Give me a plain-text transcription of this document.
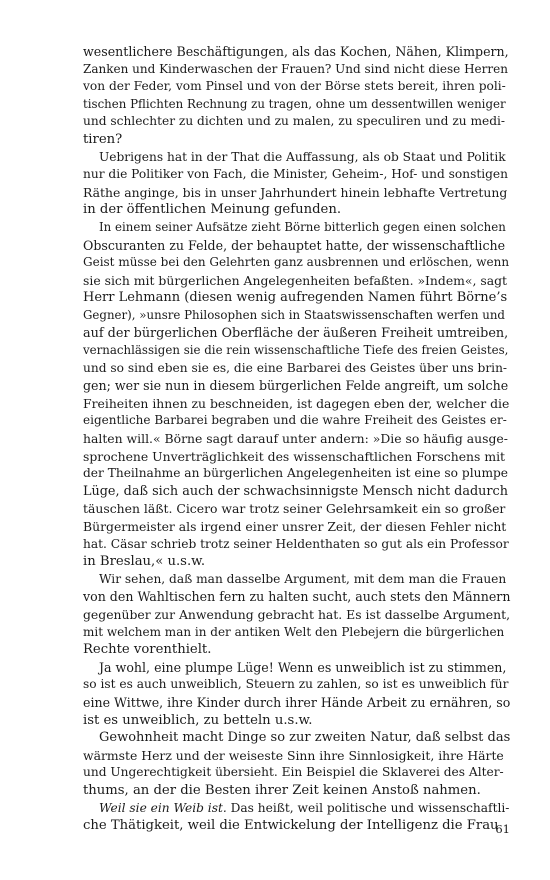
wesentlichere Beschäftigungen, als das Kochen, Nähen, Klimpern,
Zanken und Kinderwaschen der Frauen? Und sind nicht diese Herren
von der Feder, vom Pinsel und von der Börse stets bereit, ihren poli-
tischen Pflichten Rechnung zu tragen, ohne um dessentwillen weniger
und schlechter zu dichten und zu malen, zu speculiren und zu medi-
tiren?
Uebrigens hat in der That die Auffassung, als ob Staat und Politik
nur die Politiker von Fach, die Minister, Geheim-, Hof- und sonstigen
Räthe anginge, bis in unser Jahrhundert hinein lebhafte Vertretung
in der öffentlichen Meinung gefunden.
In einem seiner Aufsätze zieht Börne bitterlich gegen einen solchen
Obscuranten zu Felde, der behauptet hatte, der wissenschaftliche
Geist müsse bei den Gelehrten ganz ausbrennen und erlöschen, wenn
sie sich mit bürgerlichen Angelegenheiten befaßten. »Indem«, sagt
Herr Lehmann (diesen wenig aufregenden Namen führt Börne’s
Gegner), »unsre Philosophen sich in Staatswissenschaften werfen und
auf der bürgerlichen Oberfläche der äußeren Freiheit umtreiben,
vernachlässigen sie die rein wissenschaftliche Tiefe des freien Geistes,
und so sind eben sie es, die eine Barbarei des Geistes über uns brin-
gen; wer sie nun in diesem bürgerlichen Felde angreift, um solche
Freiheiten ihnen zu beschneiden, ist dagegen eben der, welcher die
eigentliche Barbarei begraben und die wahre Freiheit des Geistes er-
halten will.« Börne sagt darauf unter andern: »Die so häufig ausge-
sprochene Unverträglichkeit des wissenschaftlichen Forschens mit
der Theilnahme an bürgerlichen Angelegenheiten ist eine so plumpe
Lüge, daß sich auch der schwachsinnigste Mensch nicht dadurch
täuschen läßt. Cicero war trotz seiner Gelehrsamkeit ein so großer
Bürgermeister als irgend einer unsrer Zeit, der diesen Fehler nicht
hat. Cäsar schrieb trotz seiner Heldenthaten so gut als ein Professor
in Breslau,« u.s.w.
Wir sehen, daß man dasselbe Argument, mit dem man die Frauen
von den Wahltischen fern zu halten sucht, auch stets den Männern
gegenüber zur Anwendung gebracht hat. Es ist dasselbe Argument,
mit welchem man in der antiken Welt den Plebejern die bürgerlichen
Rechte vorenthielt.
Ja wohl, eine plumpe Lüge! Wenn es unweiblich ist zu stimmen,
so ist es auch unweiblich, Steuern zu zahlen, so ist es unweiblich für
eine Wittwe, ihre Kinder durch ihrer Hände Arbeit zu ernähren, so
ist es unweiblich, zu betteln u.s.w.
Gewohnheit macht Dinge so zur zweiten Natur, daß selbst das
wärmste Herz und der weiseste Sinn ihre Sinnlosigkeit, ihre Härte
und Ungerechtigkeit übersieht. Ein Beispiel die Sklaverei des Alter-
thums, an der die Besten ihrer Zeit keinen Anstoß nahmen.
Weil sie ein Weib ist. Das heißt, weil politische und wissenschaftli-
che Thätigkeit, weil die Entwickelung der Intelligenz die Frau
61
